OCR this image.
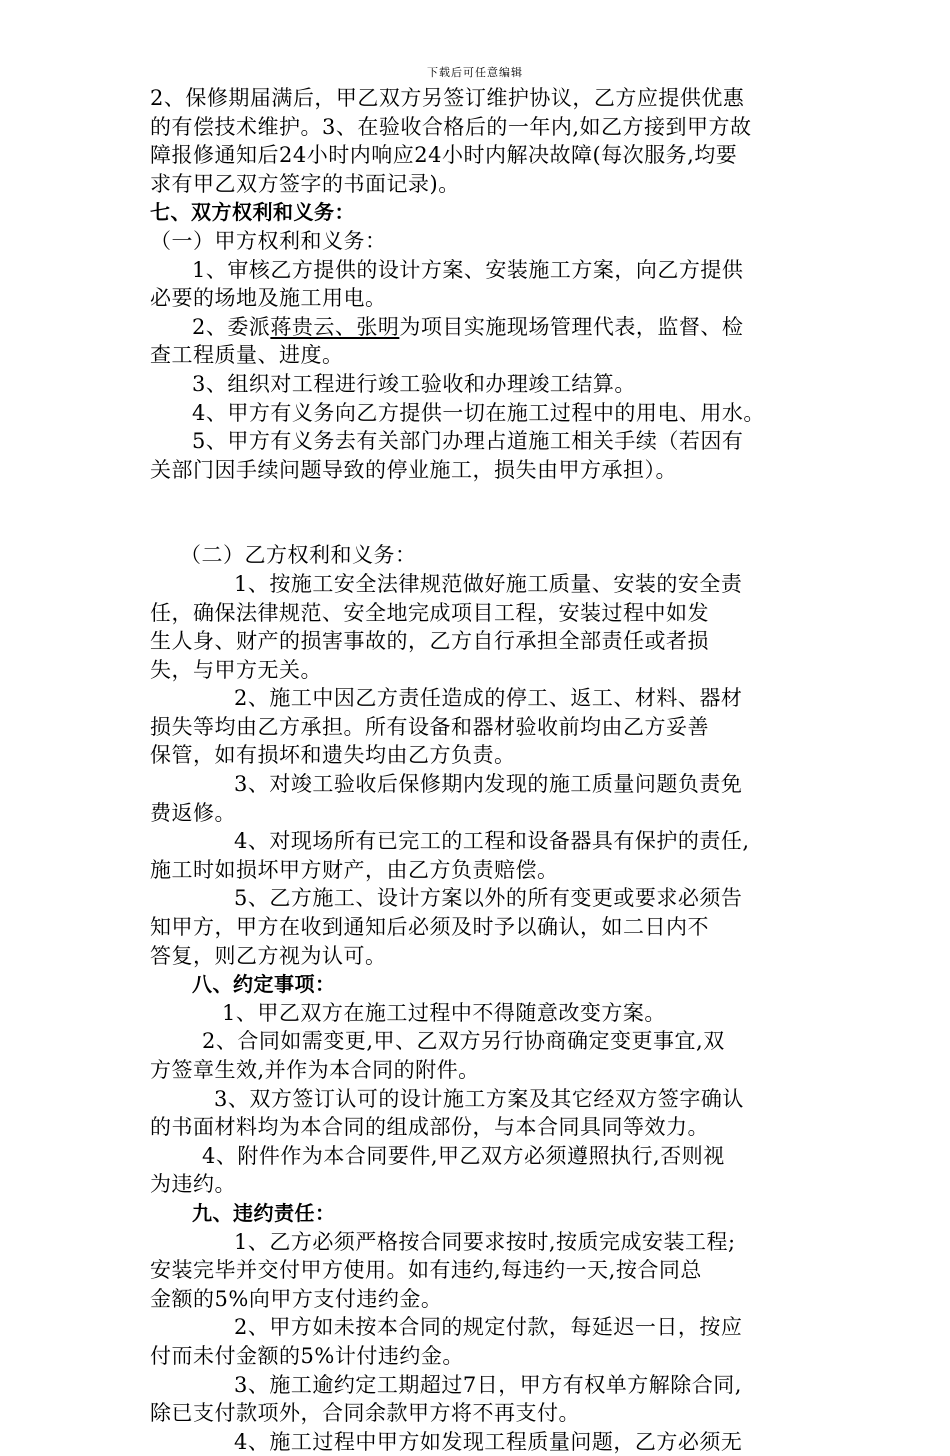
下载后可任意编辑
2、保修期届满后，甲乙双方另签订维护协议，乙方应提供优惠
的有偿技术维护。3、在验收合格后的一年内,如乙方接到甲方故
障报修通知后24小时内响应24小时内解决故障(每次服务,均要
求有甲乙双方签字的书面记录)。
七、双方权利和义务：
（一）甲方权利和义务：
1、审核乙方提供的设计方案、安装施工方案，向乙方提供
必要的场地及施工用电。
2、委派蒋贵云、张明为项目实施现场管理代表，监督、检
查工程质量、进度。
3、组织对工程进行竣工验收和办理竣工结算。
4、甲方有义务向乙方提供一切在施工过程中的用电、用水。
5、甲方有义务去有关部门办理占道施工相关手续（若因有
关部门因手续问题导致的停业施工，损失由甲方承担）。
（二）乙方权利和义务：
1、按施工安全法律规范做好施工质量、安装的安全责
任，确保法律规范、安全地完成项目工程，安装过程中如发
生人身、财产的损害事故的，乙方自行承担全部责任或者损
失，与甲方无关。
2、施工中因乙方责任造成的停工、返工、材料、器材
损失等均由乙方承担。所有设备和器材验收前均由乙方妥善
保管，如有损坏和遗失均由乙方负责。
3、对竣工验收后保修期内发现的施工质量问题负责免
费返修。
4、对现场所有已完工的工程和设备器具有保护的责任,
施工时如损坏甲方财产，由乙方负责赔偿。
5、乙方施工、设计方案以外的所有变更或要求必须告
知甲方，甲方在收到通知后必须及时予以确认，如二日内不
答复，则乙方视为认可。
八、约定事项：
1、甲乙双方在施工过程中不得随意改变方案。
2、合同如需变更,甲、乙双方另行协商确定变更事宜,双
方签章生效,并作为本合同的附件。
3、双方签订认可的设计施工方案及其它经双方签字确认
的书面材料均为本合同的组成部份，与本合同具同等效力。
4、附件作为本合同要件,甲乙双方必须遵照执行,否则视
为违约。
九、违约责任：
1、乙方必须严格按合同要求按时,按质完成安装工程;
安装完毕并交付甲方使用。如有违约,每违约一天,按合同总
金额的5%向甲方支付违约金。
2、甲方如未按本合同的规定付款，每延迟一日，按应
付而未付金额的5%计付违约金。
3、施工逾约定工期超过7日，甲方有权单方解除合同,
除已支付款项外，合同余款甲方将不再支付。
4、施工过程中甲方如发现工程质量问题，乙方必须无
